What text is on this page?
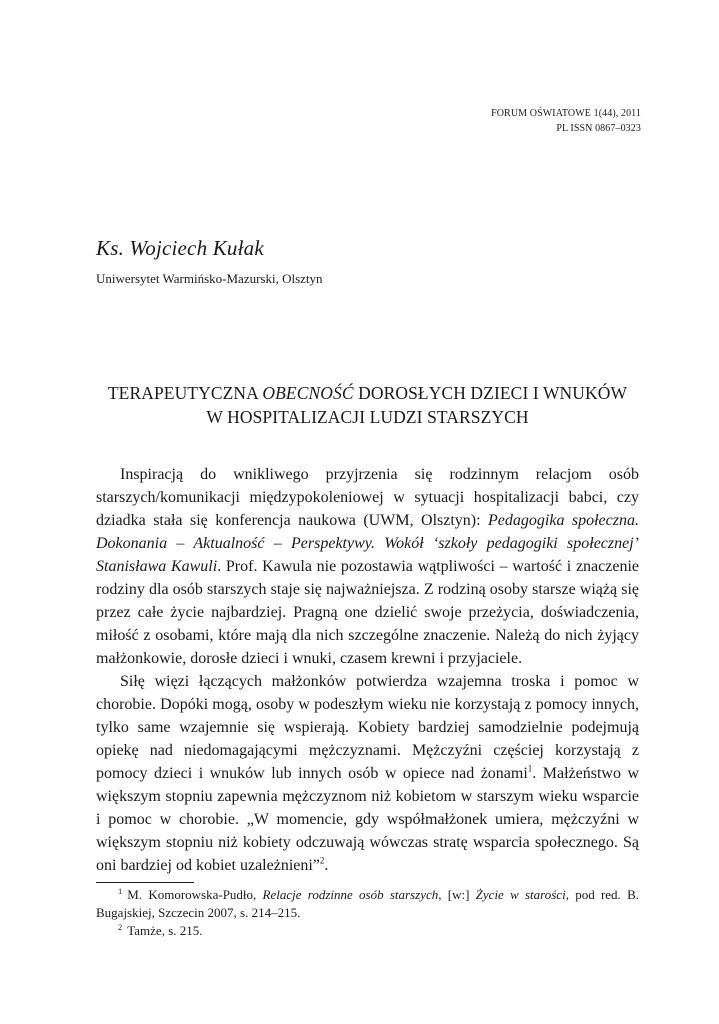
FORUM OŚWIATOWE 1(44), 2011
PL ISSN 0867–0323
Ks. Wojciech Kułak
Uniwersytet Warmińsko-Mazurski, Olsztyn
TERAPEUTYCZNA OBECNOŚĆ DOROSŁYCH DZIECI I WNUKÓW
W HOSPITALIZACJI LUDZI STARSZYCH

Inspiracją do wnikliwego przyjrzenia się rodzinnym relacjom osób starszych/komunikacji międzypokoleniowej w sytuacji hospitalizacji babci, czy dziadka stała się konferencja naukowa (UWM, Olsztyn): Pedagogika społeczna. Dokonania – Aktualność – Perspektywy. Wokół ‘szkoły pedagogiki społecznej’ Stanisława Kawuli. Prof. Kawula nie pozostawia wątpliwości – wartość i znaczenie rodziny dla osób starszych staje się najważniejsza. Z rodziną osoby starsze wiążą się przez całe życie najbardziej. Pragną one dzielić swoje przeżycia, doświadczenia, miłość z osobami, które mają dla nich szczególne znaczenie. Należą do nich żyjący małżonkowie, dorosłe dzieci i wnuki, czasem krewni i przyjaciele.

Siłę więzi łączących małżonków potwierdza wzajemna troska i pomoc w chorobie. Dopóki mogą, osoby w podeszłym wieku nie korzystają z pomocy innych, tylko same wzajemnie się wspierają. Kobiety bardziej samodzielnie podejmują opiekę nad niedomagającymi mężczyznami. Mężczyźni częściej korzystają z pomocy dzieci i wnuków lub innych osób w opiece nad żonami$^1$. Małżeństwo w większym stopniu zapewnia mężczyznom niż kobietom w starszym wieku wsparcie i pomoc w chorobie. „W momencie, gdy współmałżonek umiera, mężczyźni w większym stopniu niż kobiety odczuwają wówczas stratę wsparcia społecznego. Są oni bardziej od kobiet uzależnieni”$^2$.

$^1$ M. Komorowska-Pudło, Relacje rodzinne osób starszych, [w:] Życie w starości, pod red. B. Bugajskiej, Szczecin 2007, s. 214–215.

$^2$ Tamże, s. 215.
